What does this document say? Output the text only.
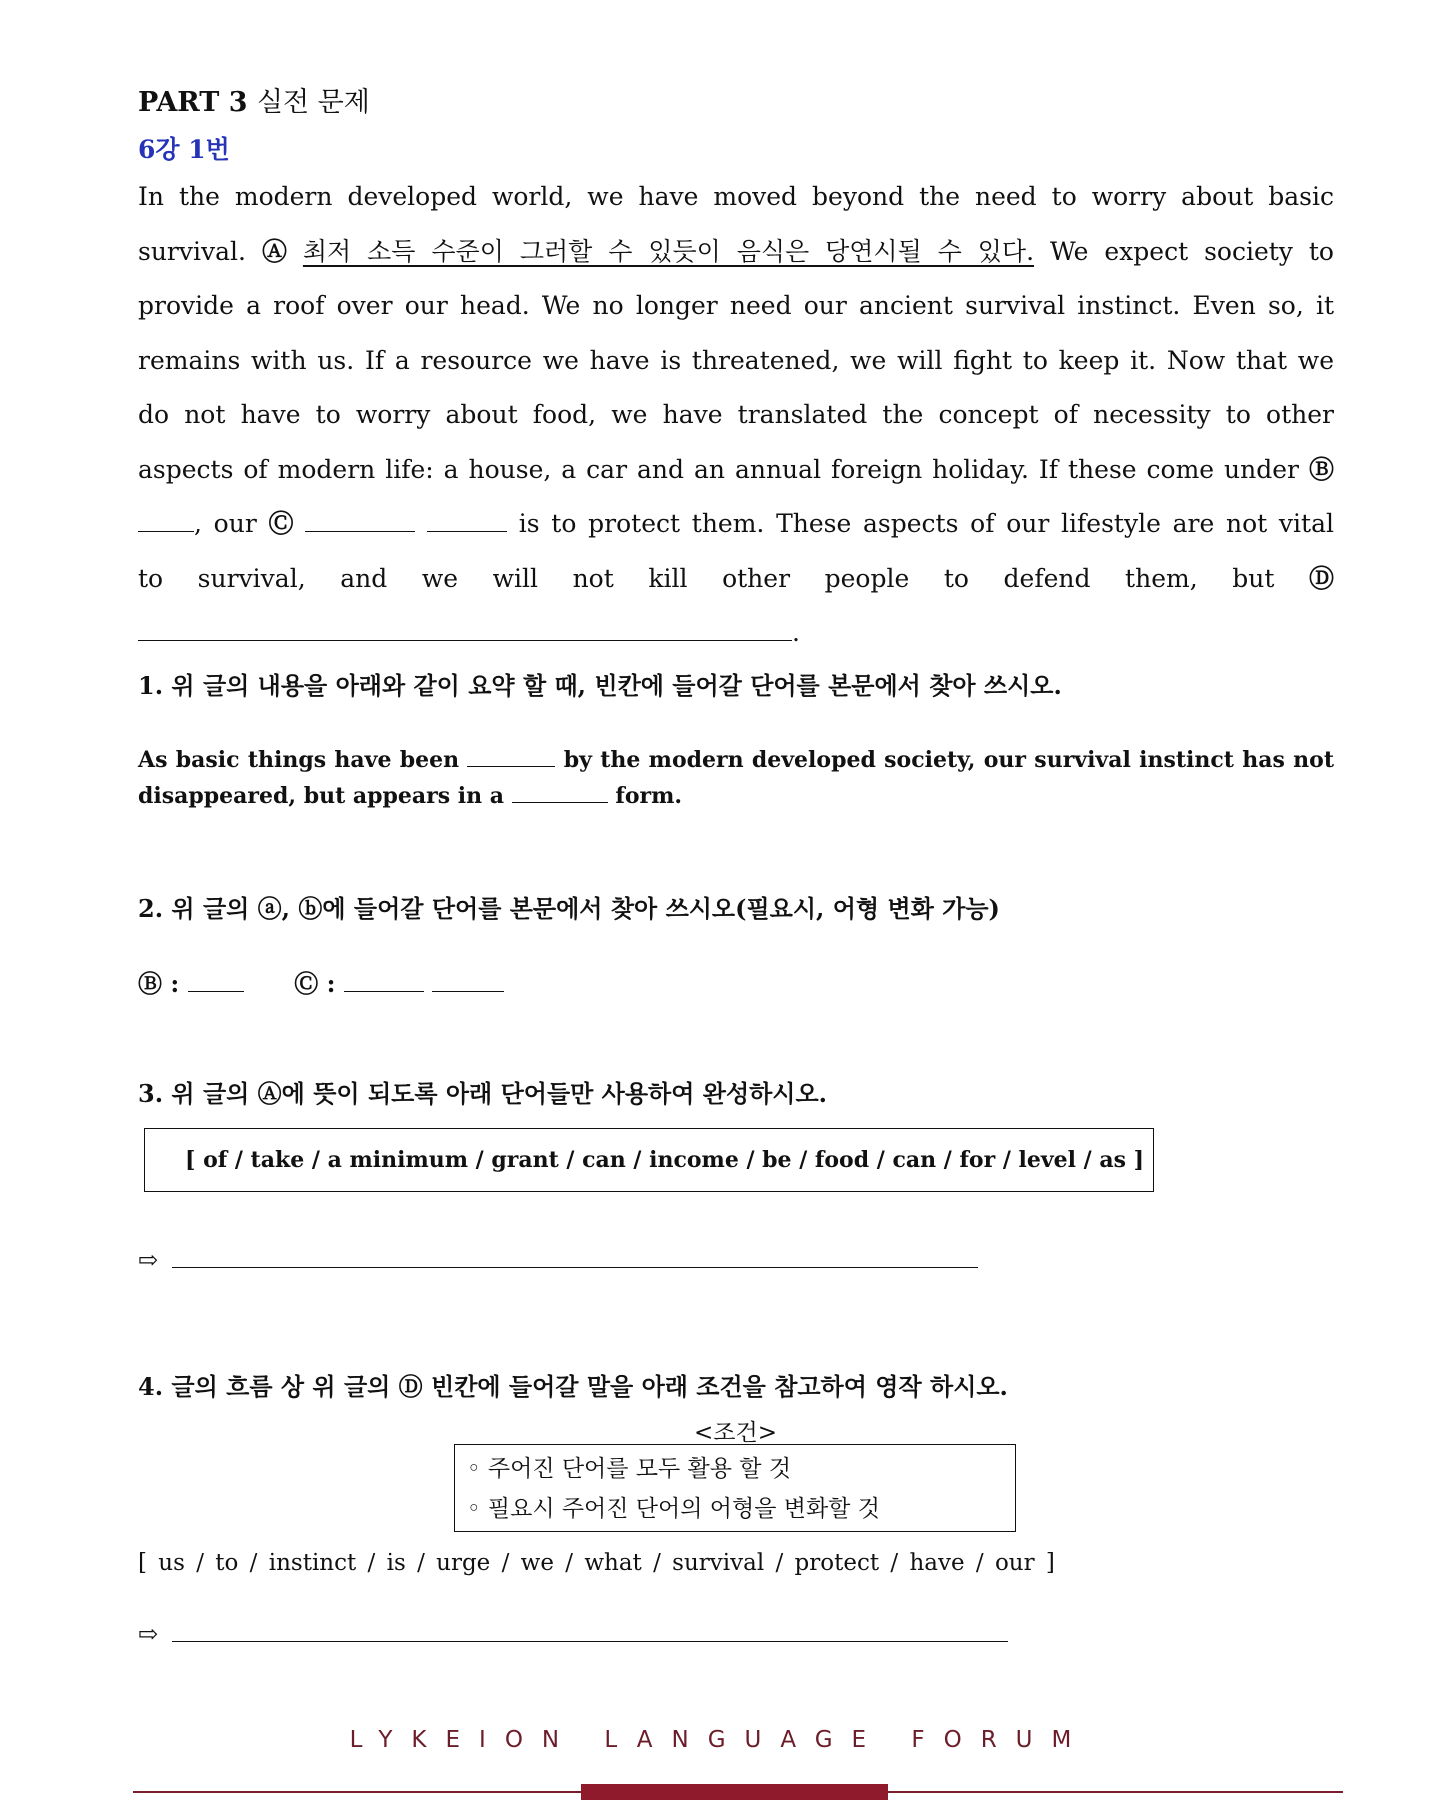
PART 3 실전 문제
6강 1번
In the modern developed world, we have moved beyond the need to worry about basic survival. Ⓐ 최저 소득 수준이 그러할 수 있듯이 음식은 당연시될 수 있다. We expect society to provide a roof over our head. We no longer need our ancient survival instinct. Even so, it remains with us. If a resource we have is threatened, we will fight to keep it. Now that we do not have to worry about food, we have translated the concept of necessity to other aspects of modern life: a house, a car and an annual foreign holiday. If these come under Ⓑ , our Ⓒ	is to protect them. These aspects of our lifestyle are not vital to survival, and we will not kill other people to defend them, but Ⓓ .
1. 위 글의 내용을 아래와 같이 요약 할 때, 빈칸에 들어갈 단어를 본문에서 찾아 쓰시오.
As basic things have been	by the modern developed society, our survival instinct has not disappeared, but appears in a	form.
2. 위 글의 ⓐ, ⓑ에 들어갈 단어를 본문에서 찾아 쓰시오(필요시, 어형 변화 가능)
Ⓑ :	Ⓒ :
3. 위 글의 Ⓐ에 뜻이 되도록 아래 단어들만 사용하여 완성하시오.
[ of / take / a minimum / grant / can / income / be / food / can / for / level / as ]
⇨
4. 글의 흐름 상 위 글의 Ⓓ 빈칸에 들어갈 말을 아래 조건을 참고하여 영작 하시오.
<조건>
◦ 주어진 단어를 모두 활용 할 것
◦ 필요시 주어진 단어의 어형을 변화할 것
[ us / to / instinct / is / urge / we / what / survival / protect / have / our ]
⇨
LYKEION LANGUAGE FORUM
